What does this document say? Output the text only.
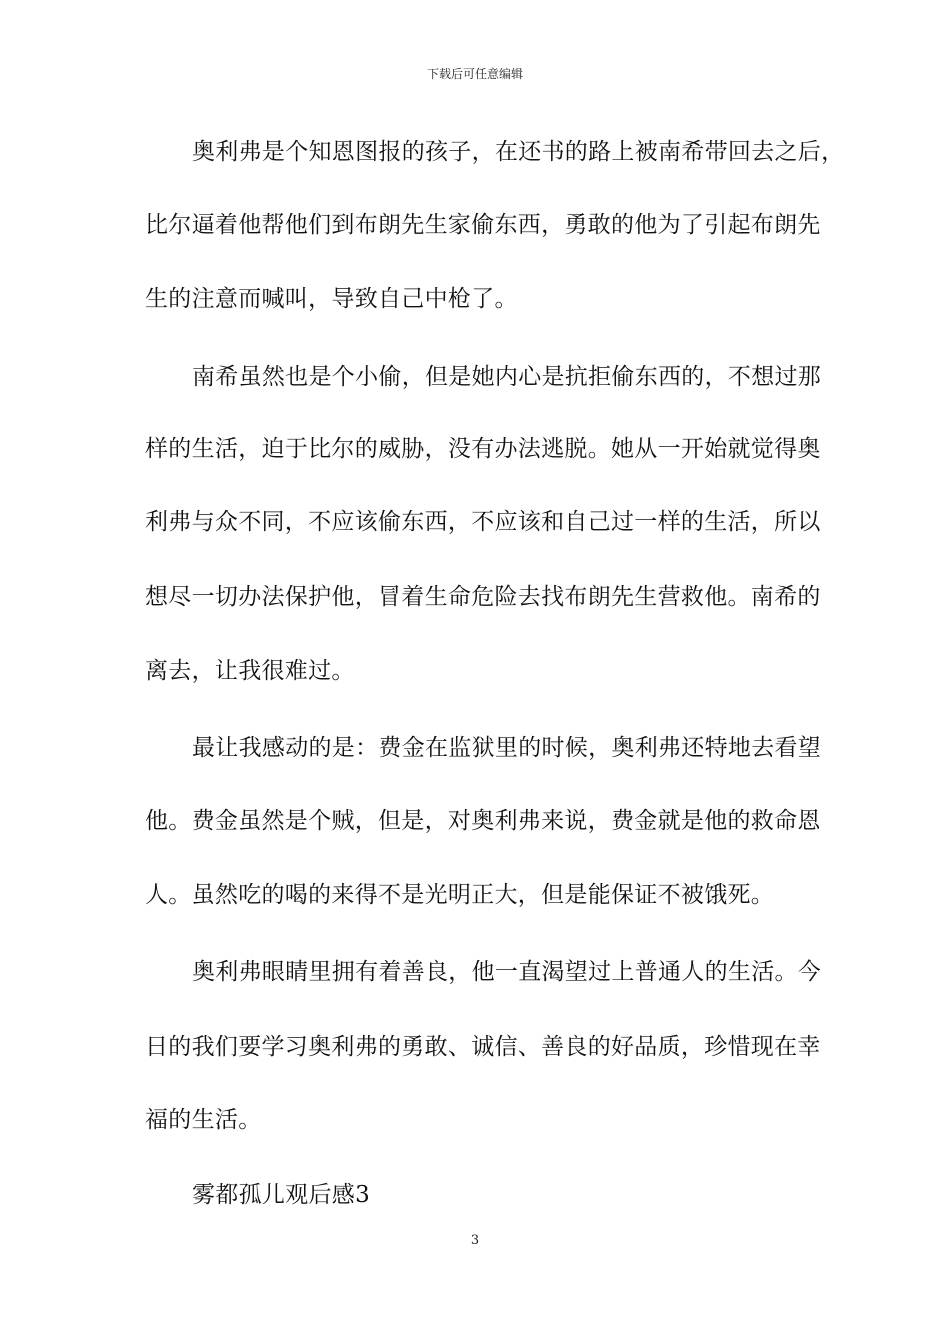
下载后可任意编辑
奥利弗是个知恩图报的孩子，在还书的路上被南希带回去之后，
比尔逼着他帮他们到布朗先生家偷东西，勇敢的他为了引起布朗先
生的注意而喊叫，导致自己中枪了。
南希虽然也是个小偷，但是她内心是抗拒偷东西的，不想过那
样的生活，迫于比尔的威胁，没有办法逃脱。她从一开始就觉得奥
利弗与众不同，不应该偷东西，不应该和自己过一样的生活，所以
想尽一切办法保护他，冒着生命危险去找布朗先生营救他。南希的
离去，让我很难过。
最让我感动的是：费金在监狱里的时候，奥利弗还特地去看望
他。费金虽然是个贼，但是，对奥利弗来说，费金就是他的救命恩
人。虽然吃的喝的来得不是光明正大，但是能保证不被饿死。
奥利弗眼睛里拥有着善良，他一直渴望过上普通人的生活。今
日的我们要学习奥利弗的勇敢、诚信、善良的好品质，珍惜现在幸
福的生活。
雾都孤儿观后感3
3
